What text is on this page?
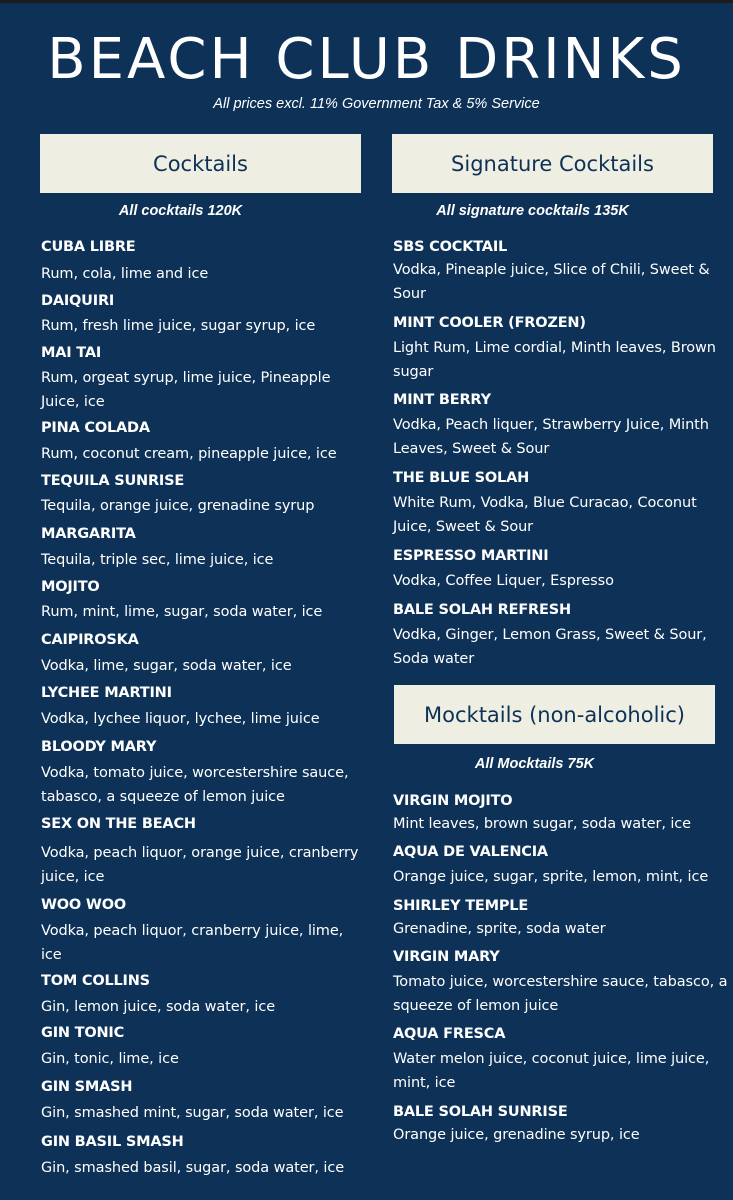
BEACH CLUB DRINKS
All prices excl. 11% Government Tax & 5% Service
Cocktails
All cocktails 120K
CUBA LIBRE
Rum, cola, lime and ice
DAIQUIRI
Rum, fresh lime juice, sugar syrup, ice
MAI TAI
Rum, orgeat syrup, lime juice, Pineapple Juice, ice
PINA COLADA
Rum, coconut cream, pineapple juice, ice
TEQUILA SUNRISE
Tequila, orange juice, grenadine syrup
MARGARITA
Tequila, triple sec, lime juice, ice
MOJITO
Rum, mint, lime, sugar, soda water, ice
CAIPIROSKA
Vodka, lime, sugar, soda water, ice
LYCHEE MARTINI
Vodka, lychee liquor, lychee, lime juice
BLOODY MARY
Vodka, tomato juice, worcestershire sauce, tabasco, a squeeze of lemon juice
SEX ON THE BEACH
Vodka, peach liquor, orange juice, cranberry juice, ice
WOO WOO
Vodka, peach liquor, cranberry juice, lime, ice
TOM COLLINS
Gin, lemon juice, soda water, ice
GIN TONIC
Gin, tonic, lime, ice
GIN SMASH
Gin, smashed mint, sugar, soda water, ice
GIN BASIL SMASH
Gin, smashed basil, sugar, soda water, ice
Signature Cocktails
All signature cocktails 135K
SBS COCKTAIL
Vodka, Pineaple juice, Slice of Chili, Sweet & Sour
MINT COOLER (FROZEN)
Light Rum, Lime cordial, Minth leaves, Brown sugar
MINT BERRY
Vodka, Peach liquer, Strawberry Juice, Minth Leaves, Sweet & Sour
THE BLUE SOLAH
White Rum, Vodka, Blue Curacao, Coconut Juice, Sweet & Sour
ESPRESSO MARTINI
Vodka, Coffee Liquer, Espresso
BALE SOLAH REFRESH
Vodka, Ginger, Lemon Grass, Sweet & Sour, Soda water
Mocktails (non-alcoholic)
All Mocktails 75K
VIRGIN MOJITO
Mint leaves, brown sugar, soda water, ice
AQUA DE VALENCIA
Orange juice, sugar, sprite, lemon, mint, ice
SHIRLEY TEMPLE
Grenadine, sprite, soda water
VIRGIN MARY
Tomato juice, worcestershire sauce, tabasco, a squeeze of lemon juice
AQUA FRESCA
Water melon juice, coconut juice, lime juice, mint, ice
BALE SOLAH SUNRISE
Orange juice, grenadine syrup, ice
